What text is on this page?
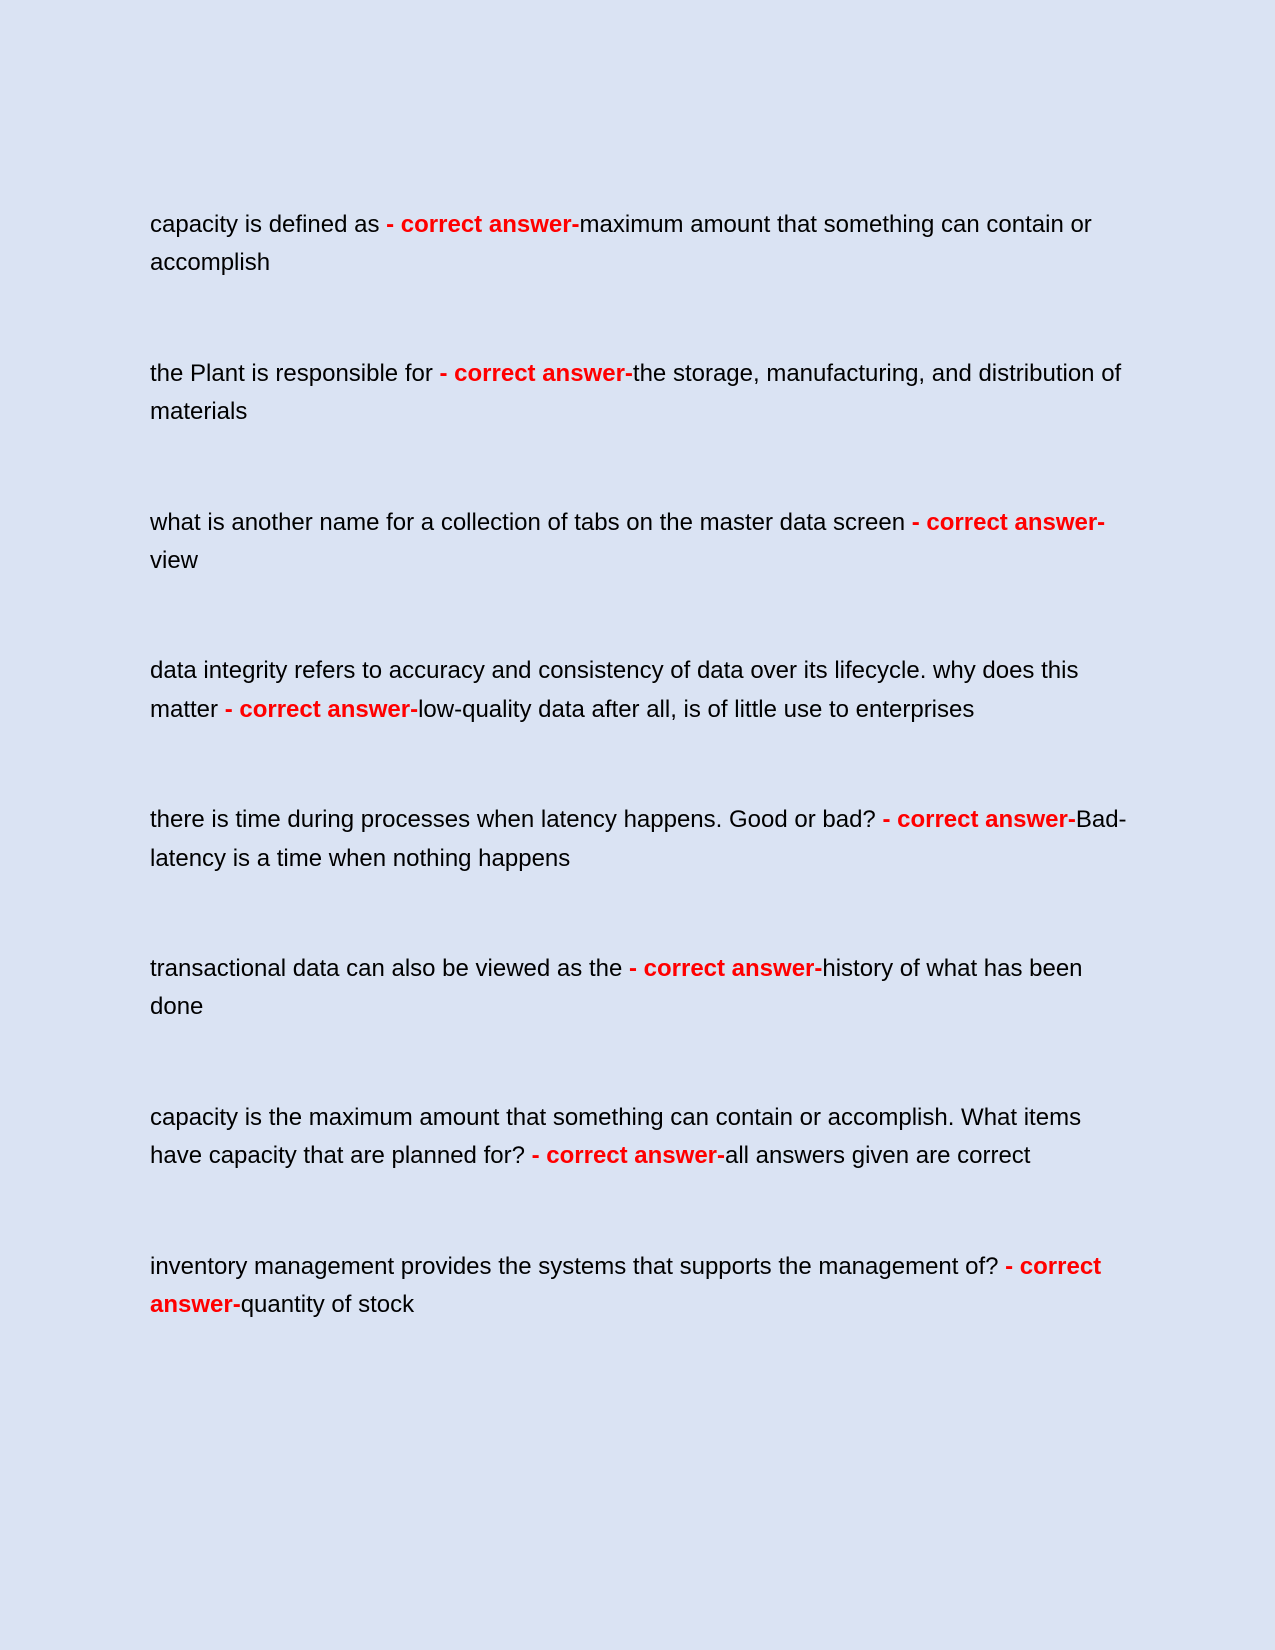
capacity is defined as - correct answer-maximum amount that something can contain or accomplish

the Plant is responsible for - correct answer-the storage, manufacturing, and distribution of materials

what is another name for a collection of tabs on the master data screen - correct answer-view

data integrity refers to accuracy and consistency of data over its lifecycle. why does this matter - correct answer-low-quality data after all, is of little use to enterprises

there is time during processes when latency happens. Good or bad? - correct answer-Bad- latency is a time when nothing happens

transactional data can also be viewed as the - correct answer-history of what has been done

capacity is the maximum amount that something can contain or accomplish. What items have capacity that are planned for? - correct answer-all answers given are correct

inventory management provides the systems that supports the management of? - correct answer-quantity of stock
